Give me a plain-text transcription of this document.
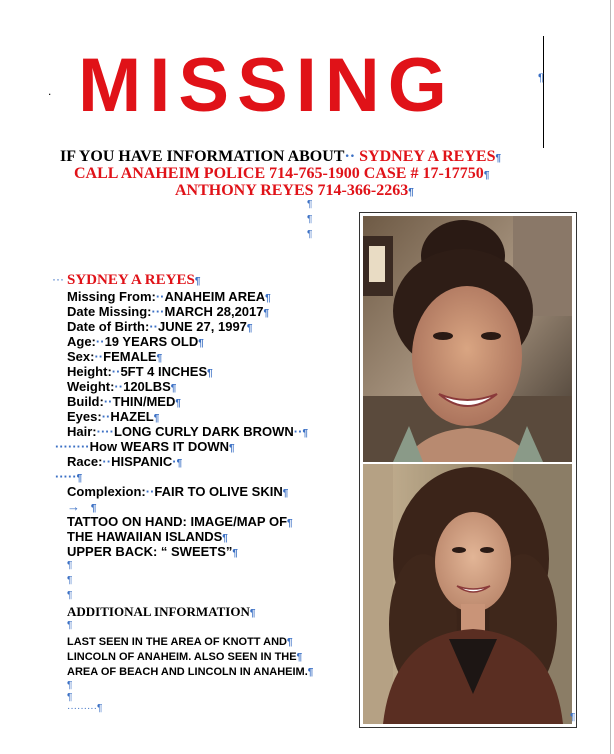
. MISSING	¶
IF YOU HAVE INFORMATION ABOUT·· SYDNEY A REYES¶
CALL ANAHEIM POLICE 714-765-1900 CASE # 17-17750¶
ANTHONY REYES 714-366-2263¶
¶
¶
¶
··· SYDNEY A REYES¶
Missing From:··ANAHEIM AREA¶
Date Missing:···MARCH 28,2017¶
Date of Birth:··JUNE 27, 1997¶
Age:··19 YEARS OLD¶
Sex:··FEMALE¶
Height:··5FT 4 INCHES¶
Weight:··120LBS¶
Build:··THIN/MED¶
Eyes:··HAZEL¶
Hair:····LONG CURLY DARK BROWN··¶
········How WEARS IT DOWN¶
Race:··HISPANIC·¶
·····¶
Complexion:··FAIR TO OLIVE SKIN¶
→ ¶
TATTOO ON HAND: IMAGE/MAP OF¶
THE HAWAIIAN ISLANDS¶
UPPER BACK: “ SWEETS”¶
¶
¶
¶
ADDITIONAL INFORMATION¶
¶
LAST SEEN IN THE AREA OF KNOTT AND¶
LINCOLN OF ANAHEIM. ALSO SEEN IN THE¶
AREA OF BEACH AND LINCOLN IN ANAHEIM.¶
¶
¶
·········¶
¶
